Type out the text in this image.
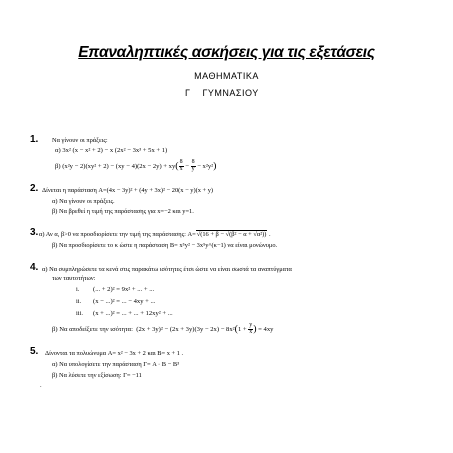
Επαναληπτικές ασκήσεις για τις εξετάσεις
ΜΑΘΗΜΑΤΙΚΑ
Γ    ΓΥΜΝΑΣΙΟΥ
1. Να γίνουν οι πράξεις:
α) 3x² (x − x² + 2) − x (2x² − 3x³ + 5x + 1)
β) $(x^2y - 2)(xy^2 + 2) - (xy - 4)(2x - 2y) + xy( \frac{8}{x} - \frac{8}{y} - x^2y^2)$
2. Δίνεται η παράσταση A=(4x − 3y)² + (4y + 3x)² − 20(x − y)(x + y)
α) Να γίνουν οι πράξεις.
β) Να βρεθεί η τιμή της παράστασης για x=−2 και y=1.
3. α) Αν α, β>0 να προσδιορίσετε την τιμή της παράστασης: A=√(16 + β − √(β² − α + √α²)) .
β) Να προσδιορίσετε το κ ώστε η παράσταση B= x⁵y² − 3x⁵y^(κ−1) να είναι μονώνυμο.
4. α) Να συμπληρώσετε τα κενά στις παρακάτω ισότητες έτσι ώστε να είναι σωστά τα αναπτύγματα
των ταυτοτήτων:
i. (... + 2)² = 9x² + ... + ...
ii. (x − ...)² = ... − 4xy + ...
iii. (x + ...)² = ... + ... + 12xy² + ...
β) Να αποδείξετε την ισότητα: $(2x + 3y)^2 - (2x + 3y)(3y - 2x) - 8x^2(1 + \frac{y}{x}$ ) = 4xy
5. Δίνονται τα πολυώνυμα A= x² − 3x + 2 και B= x + 1 .
α) Να υπολογίσετε την παράσταση Γ= A · B − B³
β) Να λύσετε την εξίσωση: Γ= −11
.
